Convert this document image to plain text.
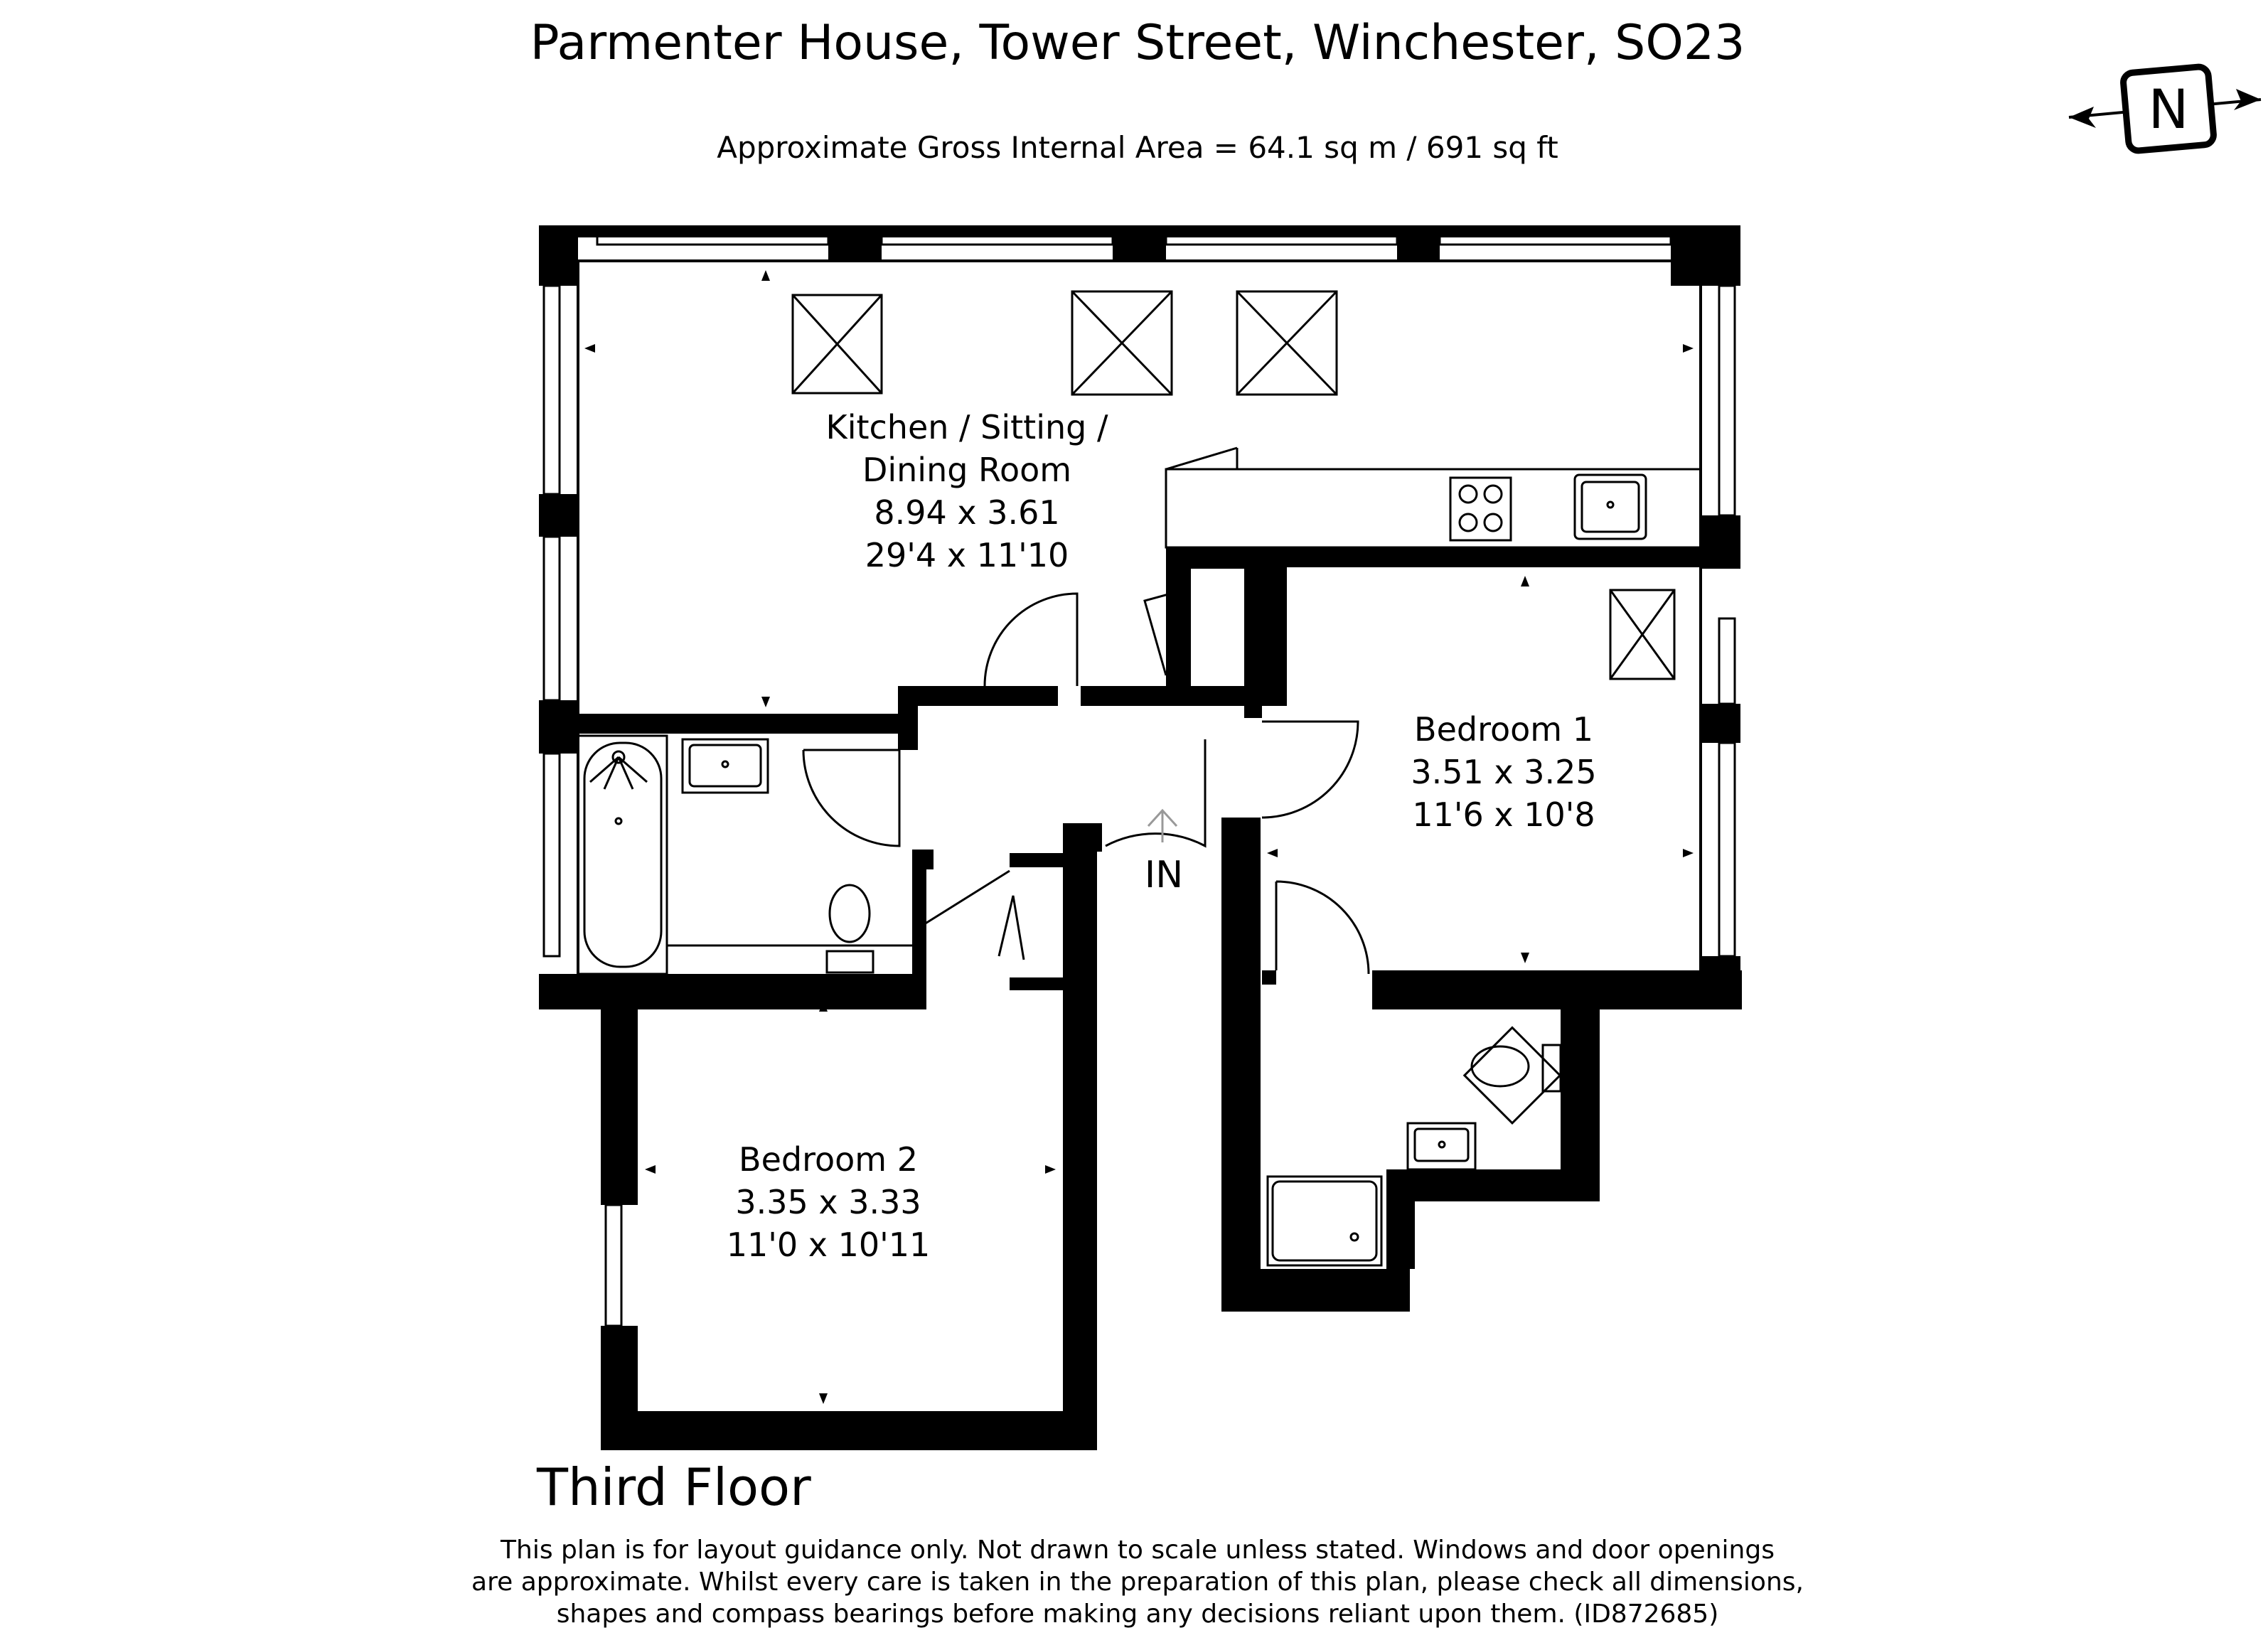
Parmenter House, Tower Street, Winchester, SO23
Approximate Gross Internal Area = 64.1 sq m / 691 sq ft
N
IN
Kitchen / Sitting /
Dining Room
8.94 x 3.61
29'4 x 11'10
Bedroom 1
3.51 x 3.25
11'6 x 10'8
Bedroom 2
3.35 x 3.33
11'0 x 10'11
Third Floor
This plan is for layout guidance only. Not drawn to scale unless stated. Windows and door openings
are approximate. Whilst every care is taken in the preparation of this plan, please check all dimensions,
shapes and compass bearings before making any decisions reliant upon them. (ID872685)
